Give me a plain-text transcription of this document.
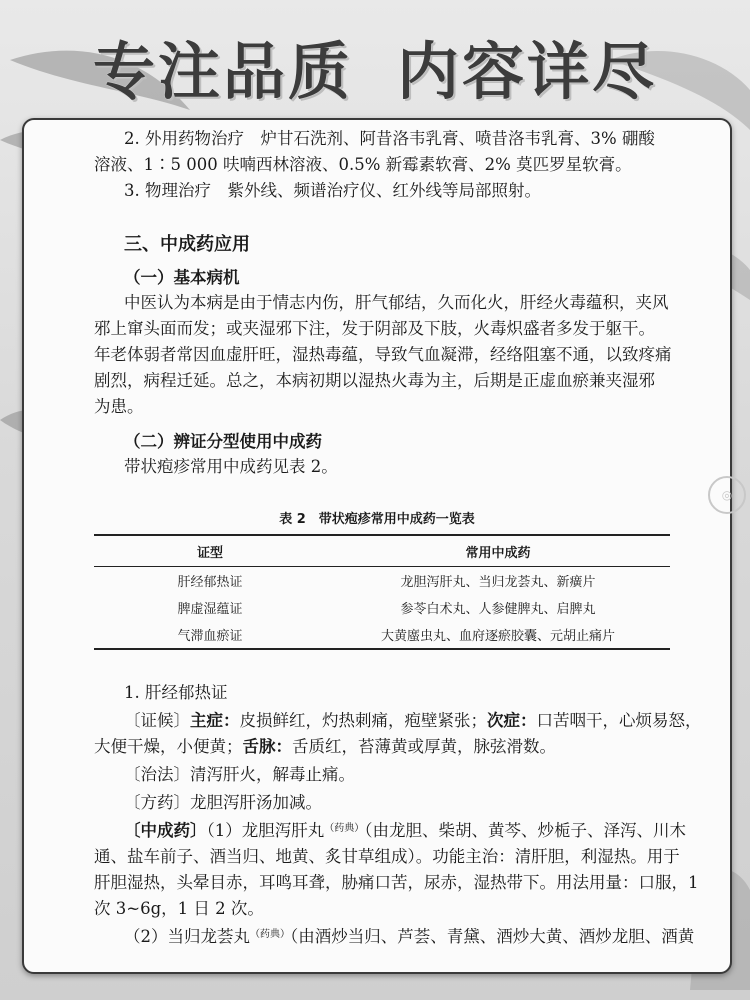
专注品质 内容详尽
2. 外用药物治疗　炉甘石洗剂、阿昔洛韦乳膏、喷昔洛韦乳膏、3% 硼酸
溶液、1∶5 000 呋喃西林溶液、0.5% 新霉素软膏、2% 莫匹罗星软膏。
3. 物理治疗　紫外线、频谱治疗仪、红外线等局部照射。
三、中成药应用
（一）基本病机
中医认为本病是由于情志内伤，肝气郁结，久而化火，肝经火毒蕴积，夹风
邪上窜头面而发；或夹湿邪下注，发于阴部及下肢，火毒炽盛者多发于躯干。
年老体弱者常因血虚肝旺，湿热毒蕴，导致气血凝滞，经络阻塞不通，以致疼痛
剧烈，病程迁延。总之，本病初期以湿热火毒为主，后期是正虚血瘀兼夹湿邪
为患。
（二）辨证分型使用中成药
带状疱疹常用中成药见表 2。
表 2　带状疱疹常用中成药一览表
证型	常用中成药
肝经郁热证	龙胆泻肝丸、当归龙荟丸、新癀片
脾虚湿蕴证	参苓白术丸、人参健脾丸、启脾丸
气滞血瘀证	大黄䗪虫丸、血府逐瘀胶囊、元胡止痛片
1. 肝经郁热证
〔证候〕主症：皮损鲜红，灼热刺痛，疱壁紧张；次症：口苦咽干，心烦易怒，
大便干燥，小便黄；舌脉：舌质红，苔薄黄或厚黄，脉弦滑数。
〔治法〕清泻肝火，解毒止痛。
〔方药〕龙胆泻肝汤加减。
〔中成药〕（1）龙胆泻肝丸$^{(药典)}$（由龙胆、柴胡、黄芩、炒栀子、泽泻、川木
通、盐车前子、酒当归、地黄、炙甘草组成）。功能主治：清肝胆，利湿热。用于
肝胆湿热，头晕目赤，耳鸣耳聋，胁痛口苦，尿赤，湿热带下。用法用量：口服，1
次 3~6g，1 日 2 次。
（2）当归龙荟丸$^{(药典)}$（由酒炒当归、芦荟、青黛、酒炒大黄、酒炒龙胆、酒黄
◎
